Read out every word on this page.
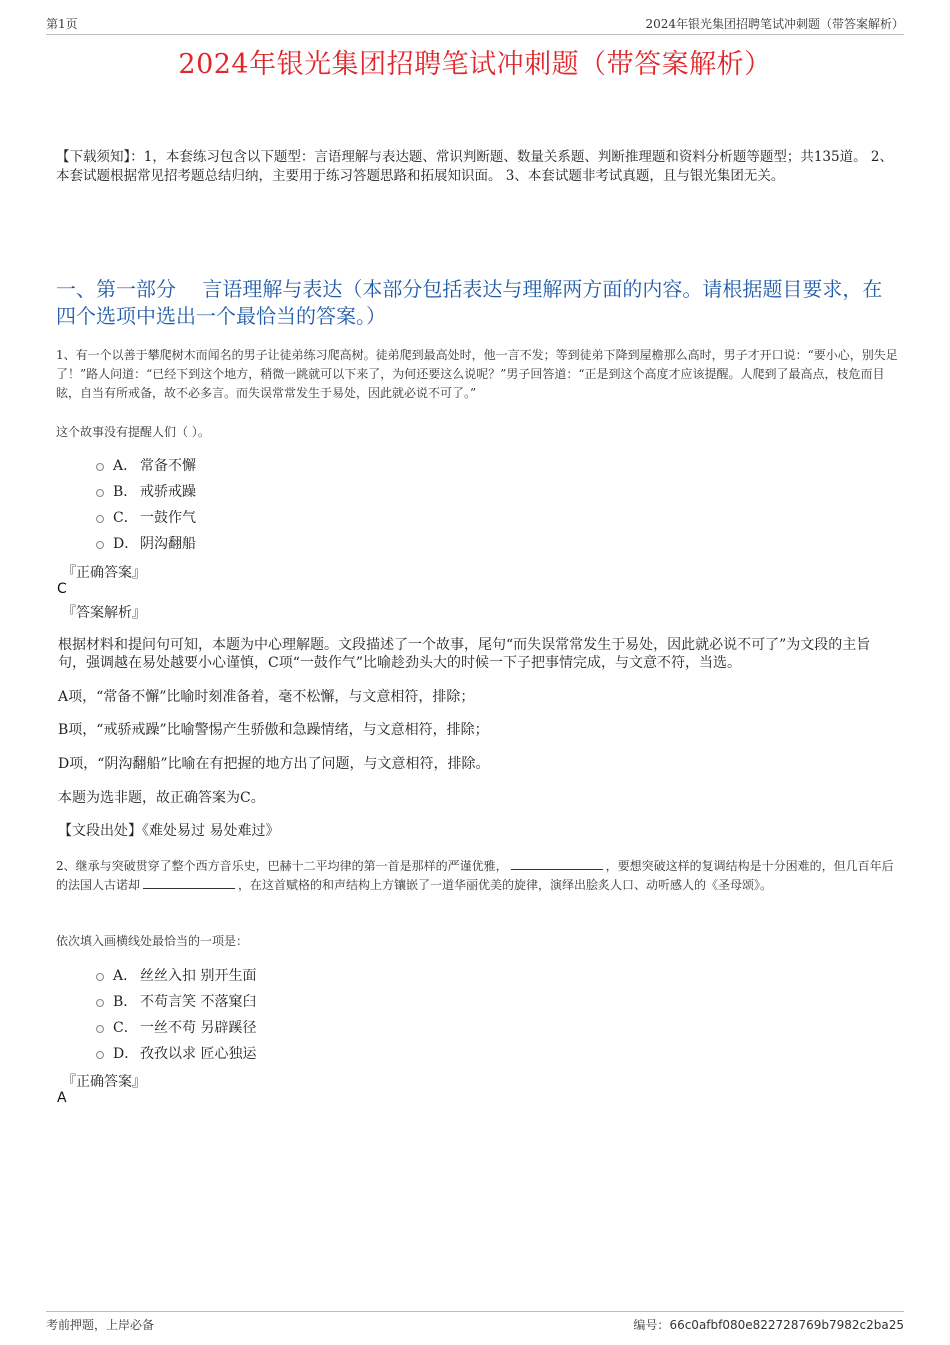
第1页	2024年银光集团招聘笔试冲刺题（带答案解析）
2024年银光集团招聘笔试冲刺题（带答案解析）
【下载须知】：1，本套练习包含以下题型：言语理解与表达题、常识判断题、数量关系题、判断推理题和资料分析题等题型；共135道。 2、本套试题根据常见招考题总结归纳，主要用于练习答题思路和拓展知识面。 3、本套试题非考试真题，且与银光集团无关。
一、第一部分　 言语理解与表达（本部分包括表达与理解两方面的内容。请根据题目要求，在四个选项中选出一个最恰当的答案。）
1、有一个以善于攀爬树木而闻名的男子让徒弟练习爬高树。徒弟爬到最高处时，他一言不发；等到徒弟下降到屋檐那么高时，男子才开口说：“要小心，别失足了！”路人问道：“已经下到这个地方，稍微一跳就可以下来了，为何还要这么说呢？”男子回答道：“正是到这个高度才应该提醒。人爬到了最高点，枝危而目眩，自当有所戒备，故不必多言。而失误常常发生于易处，因此就必说不可了。”
这个故事没有提醒人们（ ）。
A． 常备不懈
B． 戒骄戒躁
C． 一鼓作气
D． 阴沟翻船
『正确答案』
C
『答案解析』
根据材料和提问句可知，本题为中心理解题。文段描述了一个故事，尾句“而失误常常发生于易处，因此就必说不可了”为文段的主旨句，强调越在易处越要小心谨慎，C项“一鼓作气”比喻趁劲头大的时候一下子把事情完成，与文意不符，当选。
A项，“常备不懈”比喻时刻准备着，毫不松懈，与文意相符，排除；
B项，“戒骄戒躁”比喻警惕产生骄傲和急躁情绪，与文意相符，排除；
D项，“阴沟翻船”比喻在有把握的地方出了问题，与文意相符，排除。
本题为选非题，故正确答案为C。
【文段出处】《难处易过 易处难过》
2、继承与突破贯穿了整个西方音乐史，巴赫十二平均律的第一首是那样的严谨优雅，	，要想突破这样的复调结构是十分困难的，但几百年后的法国人古诺却	，在这首赋格的和声结构上方镶嵌了一道华丽优美的旋律，演绎出脍炙人口、动听感人的《圣母颂》。
依次填入画横线处最恰当的一项是：
A． 丝丝入扣 别开生面
B． 不苟言笑 不落窠臼
C． 一丝不苟 另辟蹊径
D． 孜孜以求 匠心独运
『正确答案』
A
考前押题，上岸必备	编号：66c0afbf080e822728769b7982c2ba25
